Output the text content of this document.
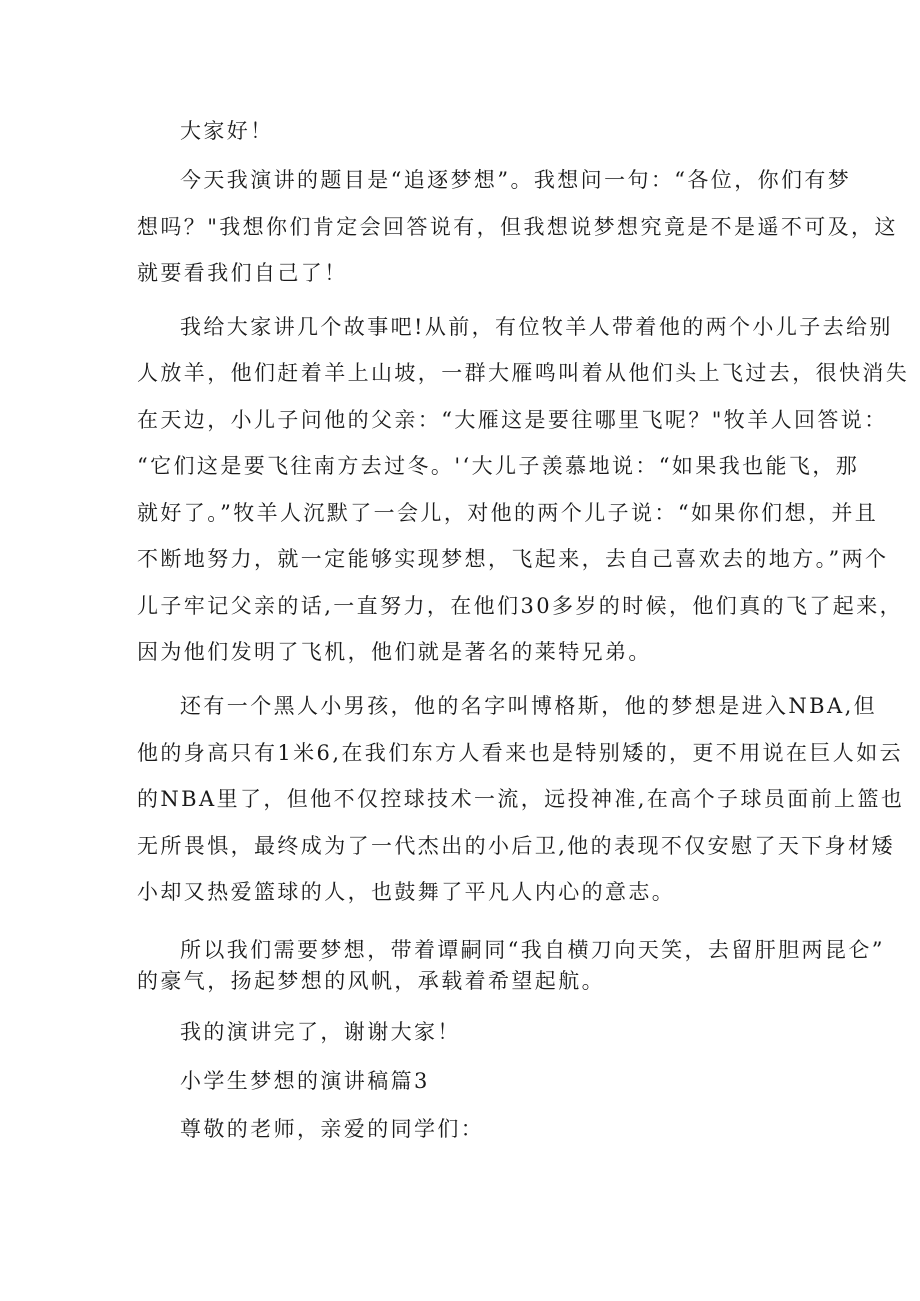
大家好！
今天我演讲的题目是“追逐梦想”。我想问一句：“各位，你们有梦
想吗？"我想你们肯定会回答说有，但我想说梦想究竟是不是遥不可及，这
就要看我们自己了！
我给大家讲几个故事吧!从前，有位牧羊人带着他的两个小儿子去给别
人放羊，他们赶着羊上山坡，一群大雁鸣叫着从他们头上飞过去，很快消失
在天边，小儿子问他的父亲：“大雁这是要往哪里飞呢？"牧羊人回答说：
“它们这是要飞往南方去过冬。'‘大儿子羡慕地说：“如果我也能飞，那
就好了。”牧羊人沉默了一会儿，对他的两个儿子说：“如果你们想，并且
不断地努力，就一定能够实现梦想，飞起来，去自己喜欢去的地方。”两个
儿子牢记父亲的话,一直努力，在他们30多岁的时候，他们真的飞了起来，
因为他们发明了飞机，他们就是著名的莱特兄弟。
还有一个黑人小男孩，他的名字叫博格斯，他的梦想是进入NBA,但
他的身高只有1米6,在我们东方人看来也是特别矮的，更不用说在巨人如云
的NBA里了，但他不仅控球技术一流，远投神准,在高个子球员面前上篮也
无所畏惧，最终成为了一代杰出的小后卫,他的表现不仅安慰了天下身材矮
小却又热爱篮球的人，也鼓舞了平凡人内心的意志。
所以我们需要梦想，带着谭嗣同“我自横刀向天笑，去留肝胆两昆仑”
的豪气，扬起梦想的风帆，承载着希望起航。
我的演讲完了，谢谢大家！
小学生梦想的演讲稿篇3
尊敬的老师，亲爱的同学们：
